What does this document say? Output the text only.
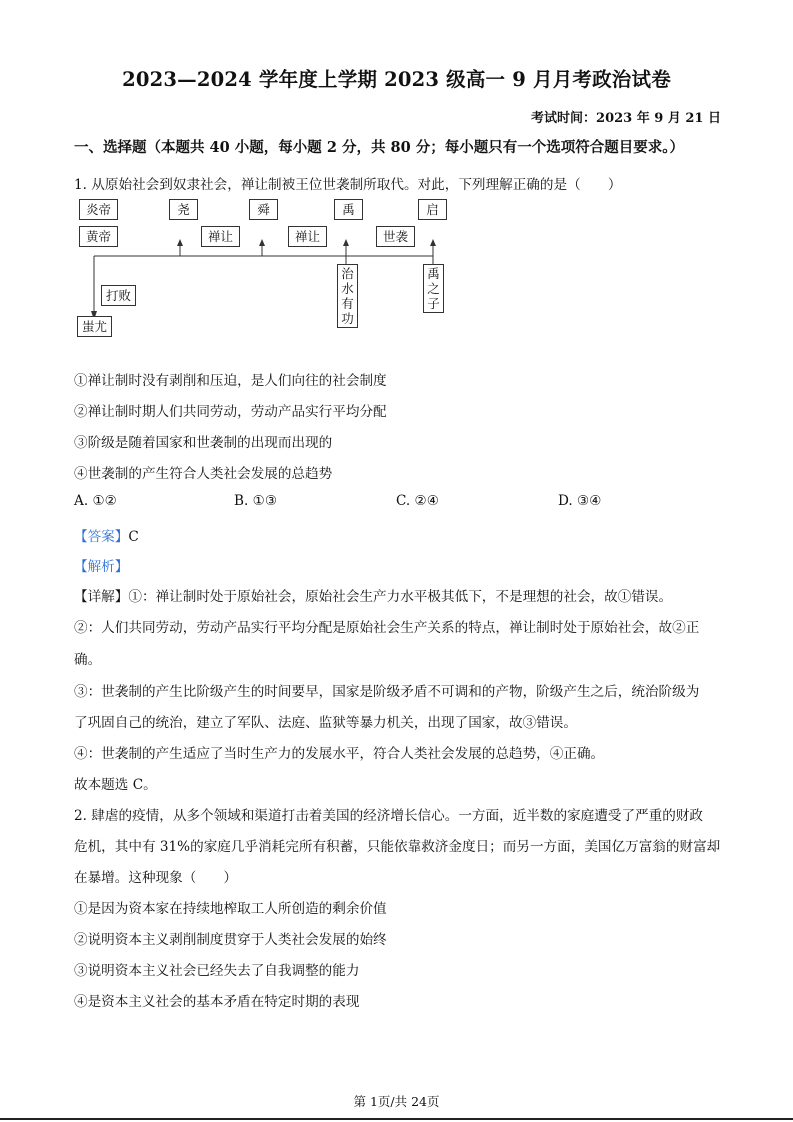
2023—2024 学年度上学期 2023 级高一 9 月月考政治试卷
考试时间：2023 年 9 月 21 日
一、选择题（本题共 40 小题，每小题 2 分，共 80 分；每小题只有一个选项符合题目要求。）
1. 从原始社会到奴隶社会，禅让制被王位世袭制所取代。对此，下列理解正确的是（　　）
炎帝
黄帝
尧	舜	禹	启
禅让	禅让	世袭
打败
蚩尤
治水有功
禹之子
①禅让制时没有剥削和压迫，是人们向往的社会制度
②禅让制时期人们共同劳动，劳动产品实行平均分配
③阶级是随着国家和世袭制的出现而出现的
④世袭制的产生符合人类社会发展的总趋势
A. ①②	B. ①③	C. ②④	D. ③④
【答案】C
【解析】
【详解】①：禅让制时处于原始社会，原始社会生产力水平极其低下，不是理想的社会，故①错误。
②：人们共同劳动，劳动产品实行平均分配是原始社会生产关系的特点，禅让制时处于原始社会，故②正
确。
③：世袭制的产生比阶级产生的时间要早，国家是阶级矛盾不可调和的产物，阶级产生之后，统治阶级为
了巩固自己的统治，建立了军队、法庭、监狱等暴力机关，出现了国家，故③错误。
④：世袭制的产生适应了当时生产力的发展水平，符合人类社会发展的总趋势，④正确。
故本题选 C。
2. 肆虐的疫情，从多个领域和渠道打击着美国的经济增长信心。一方面，近半数的家庭遭受了严重的财政
危机，其中有 31%的家庭几乎消耗完所有积蓄，只能依靠救济金度日；而另一方面，美国亿万富翁的财富却
在暴增。这种现象（　　）
①是因为资本家在持续地榨取工人所创造的剩余价值
②说明资本主义剥削制度贯穿于人类社会发展的始终
③说明资本主义社会已经失去了自我调整的能力
④是资本主义社会的基本矛盾在特定时期的表现
第 1页/共 24页
